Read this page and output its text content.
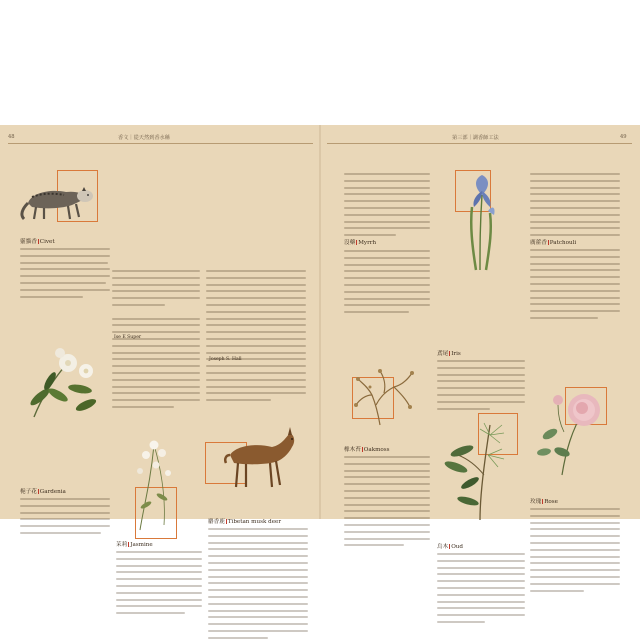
48	香文｜從天然到香水稱
靈貓香 Civet
梔子花 Gardenia
Ise E Super
茉莉 Jasmine
Joseph S. Hall
麝香鹿 Tibetan musk deer
第三部｜調香師工法	49
沒藥 Myrrh
橡木苔 Oakmoss
鳶尾 Iris
烏木 Oud
廣藿香 Patchouli
玫瑰 Rose
